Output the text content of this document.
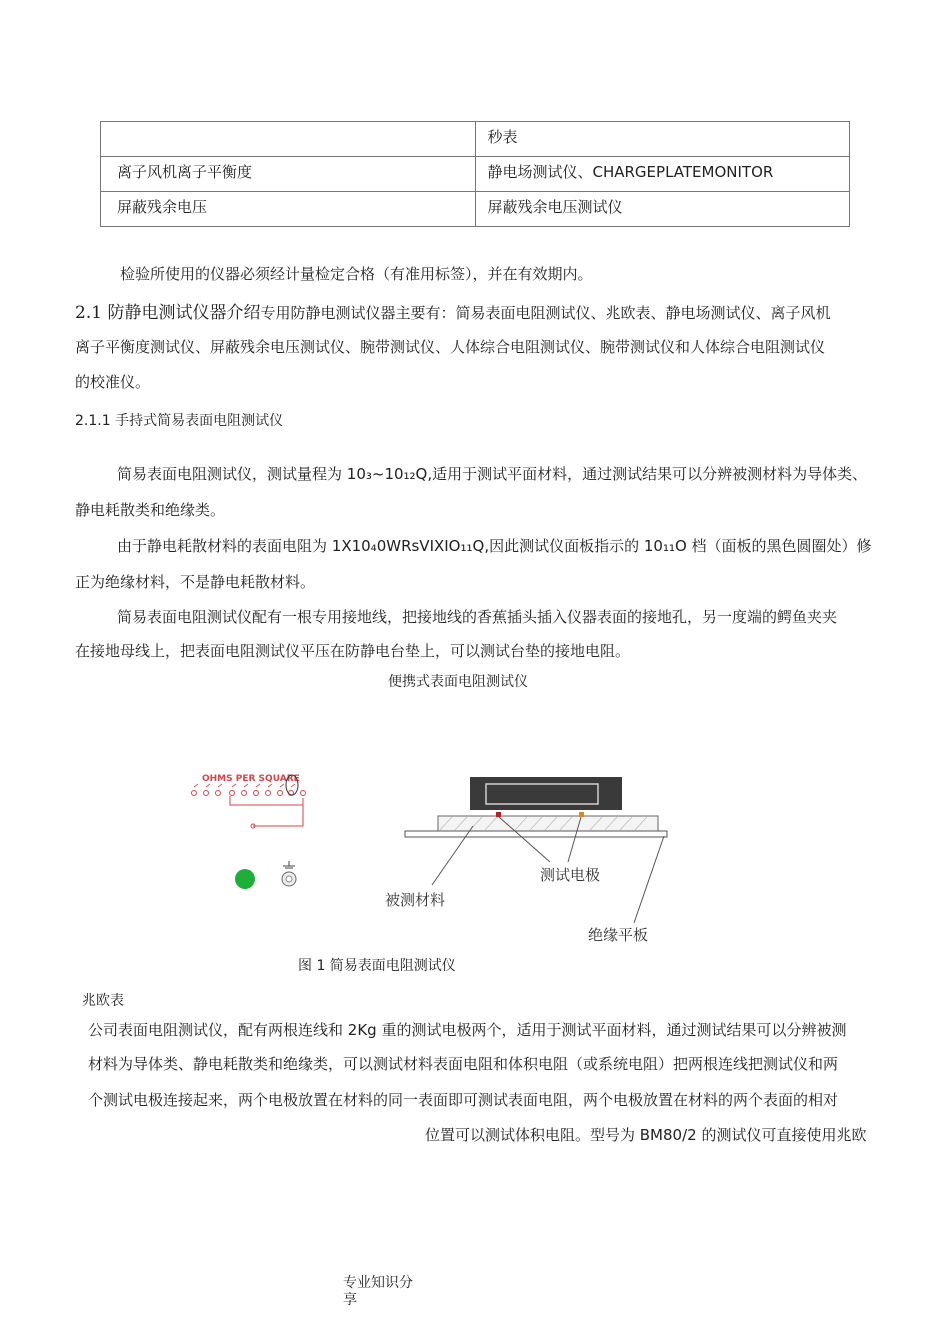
	秒表
离子风机离子平衡度	静电场测试仪、CHARGEPLATEMONITOR
屏蔽残余电压	屏蔽残余电压测试仪
检验所使用的仪器必须经计量检定合格（有准用标签），并在有效期内。
2.1 防静电测试仪器介绍专用防静电测试仪器主要有：简易表面电阻测试仪、兆欧表、静电场测试仪、离子风机
离子平衡度测试仪、屏蔽残余电压测试仪、腕带测试仪、人体综合电阻测试仪、腕带测试仪和人体综合电阻测试仪
的校准仪。
2.1.1 手持式简易表面电阻测试仪
简易表面电阻测试仪，测试量程为 10₃~10₁₂Q,适用于测试平面材料，通过测试结果可以分辨被测材料为导体类、
静电耗散类和绝缘类。
由于静电耗散材料的表面电阻为 1X10₄0WRsVIXIO₁₁Q,因此测试仪面板指示的 10₁₁O 档（面板的黑色圆圈处）修
正为绝缘材料，不是静电耗散材料。
简易表面电阻测试仪配有一根专用接地线，把接地线的香蕉插头插入仪器表面的接地孔，另一度端的鳄鱼夹夹
在接地母线上，把表面电阻测试仪平压在防静电台垫上，可以测试台垫的接地电阻。
便携式表面电阻测试仪
OHMS PER SQUARE
被测材料
测试电极
绝缘平板
图 1 简易表面电阻测试仪
兆欧表
公司表面电阻测试仪，配有两根连线和 2Kg 重的测试电极两个，适用于测试平面材料，通过测试结果可以分辨被测
材料为导体类、静电耗散类和绝缘类，可以测试材料表面电阻和体积电阻（或系统电阻）把两根连线把测试仪和两
个测试电极连接起来，两个电极放置在材料的同一表面即可测试表面电阻，两个电极放置在材料的两个表面的相对
位置可以测试体积电阻。型号为 BM80/2 的测试仪可直接使用兆欧
专业知识分
享
